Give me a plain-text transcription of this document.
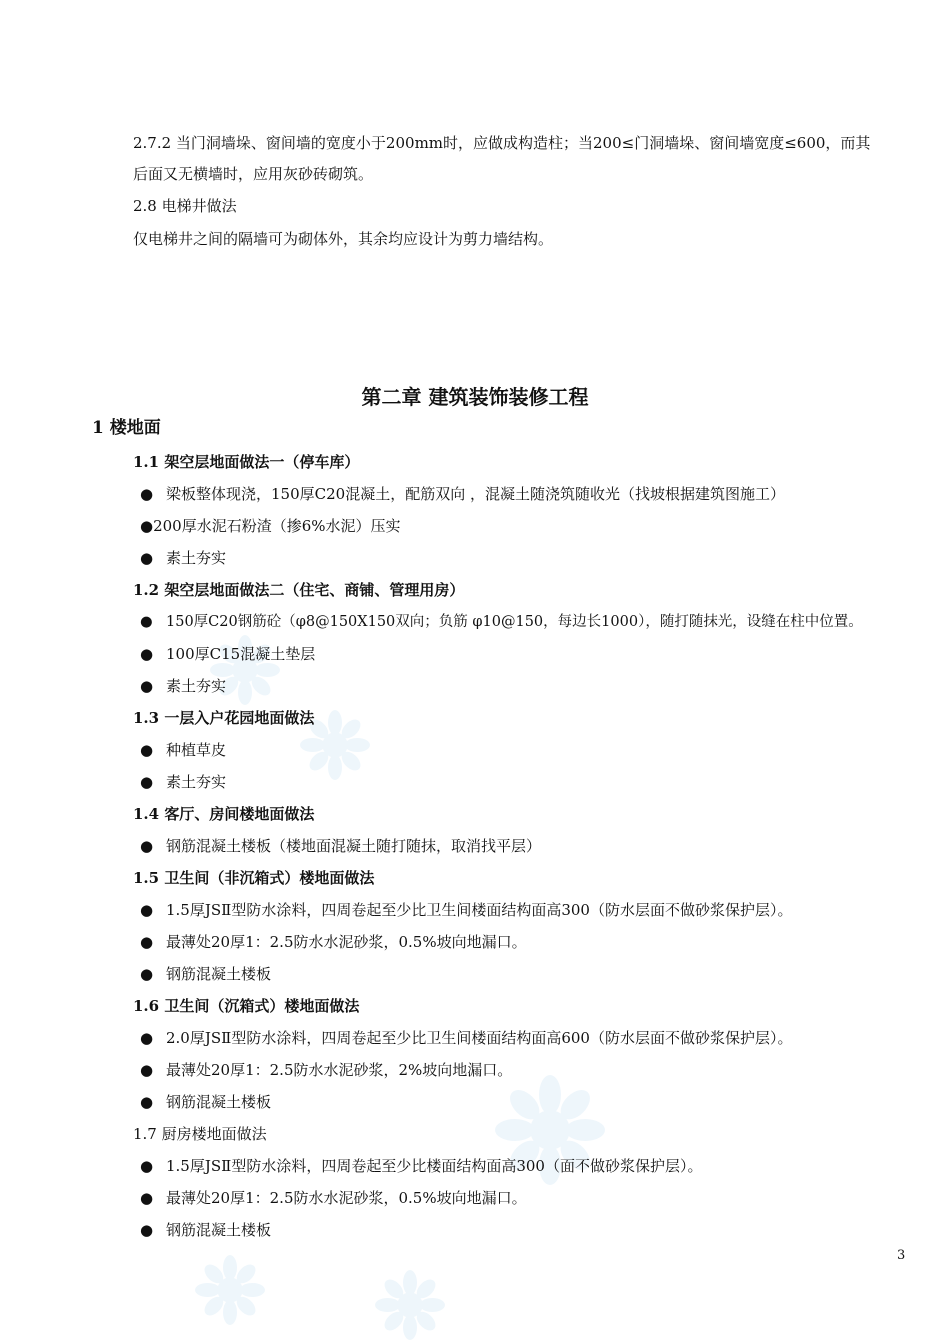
2.7.2 当门洞墙垛、窗间墙的宽度小于200mm时，应做成构造柱；当200≤门洞墙垛、窗间墙宽度≤600，而其
后面又无横墙时，应用灰砂砖砌筑。
2.8 电梯井做法
仅电梯井之间的隔墙可为砌体外，其余均应设计为剪力墙结构。
第二章 建筑装饰装修工程
1 楼地面
1.1 架空层地面做法一（停车库）
● 梁板整体现浇，150厚C20混凝土，配筋双向 ，混凝土随浇筑随收光（找坡根据建筑图施工）
●200厚水泥石粉渣（掺6%水泥）压实
● 素土夯实
1.2 架空层地面做法二（住宅、商铺、管理用房）
● 150厚C20钢筋砼（φ8@150X150双向；负筋 φ10@150，每边长1000），随打随抹光，设缝在柱中位置。
● 100厚C15混凝土垫层
● 素土夯实
1.3 一层入户花园地面做法
● 种植草皮
● 素土夯实
1.4 客厅、房间楼地面做法
● 钢筋混凝土楼板（楼地面混凝土随打随抹，取消找平层）
1.5 卫生间（非沉箱式）楼地面做法
● 1.5厚JSⅡ型防水涂料，四周卷起至少比卫生间楼面结构面高300（防水层面不做砂浆保护层）。
● 最薄处20厚1：2.5防水水泥砂浆，0.5%坡向地漏口。
● 钢筋混凝土楼板
1.6 卫生间（沉箱式）楼地面做法
● 2.0厚JSⅡ型防水涂料，四周卷起至少比卫生间楼面结构面高600（防水层面不做砂浆保护层）。
● 最薄处20厚1：2.5防水水泥砂浆，2%坡向地漏口。
● 钢筋混凝土楼板
1.7 厨房楼地面做法
● 1.5厚JSⅡ型防水涂料，四周卷起至少比楼面结构面高300（面不做砂浆保护层）。
● 最薄处20厚1：2.5防水水泥砂浆，0.5%坡向地漏口。
● 钢筋混凝土楼板
3
